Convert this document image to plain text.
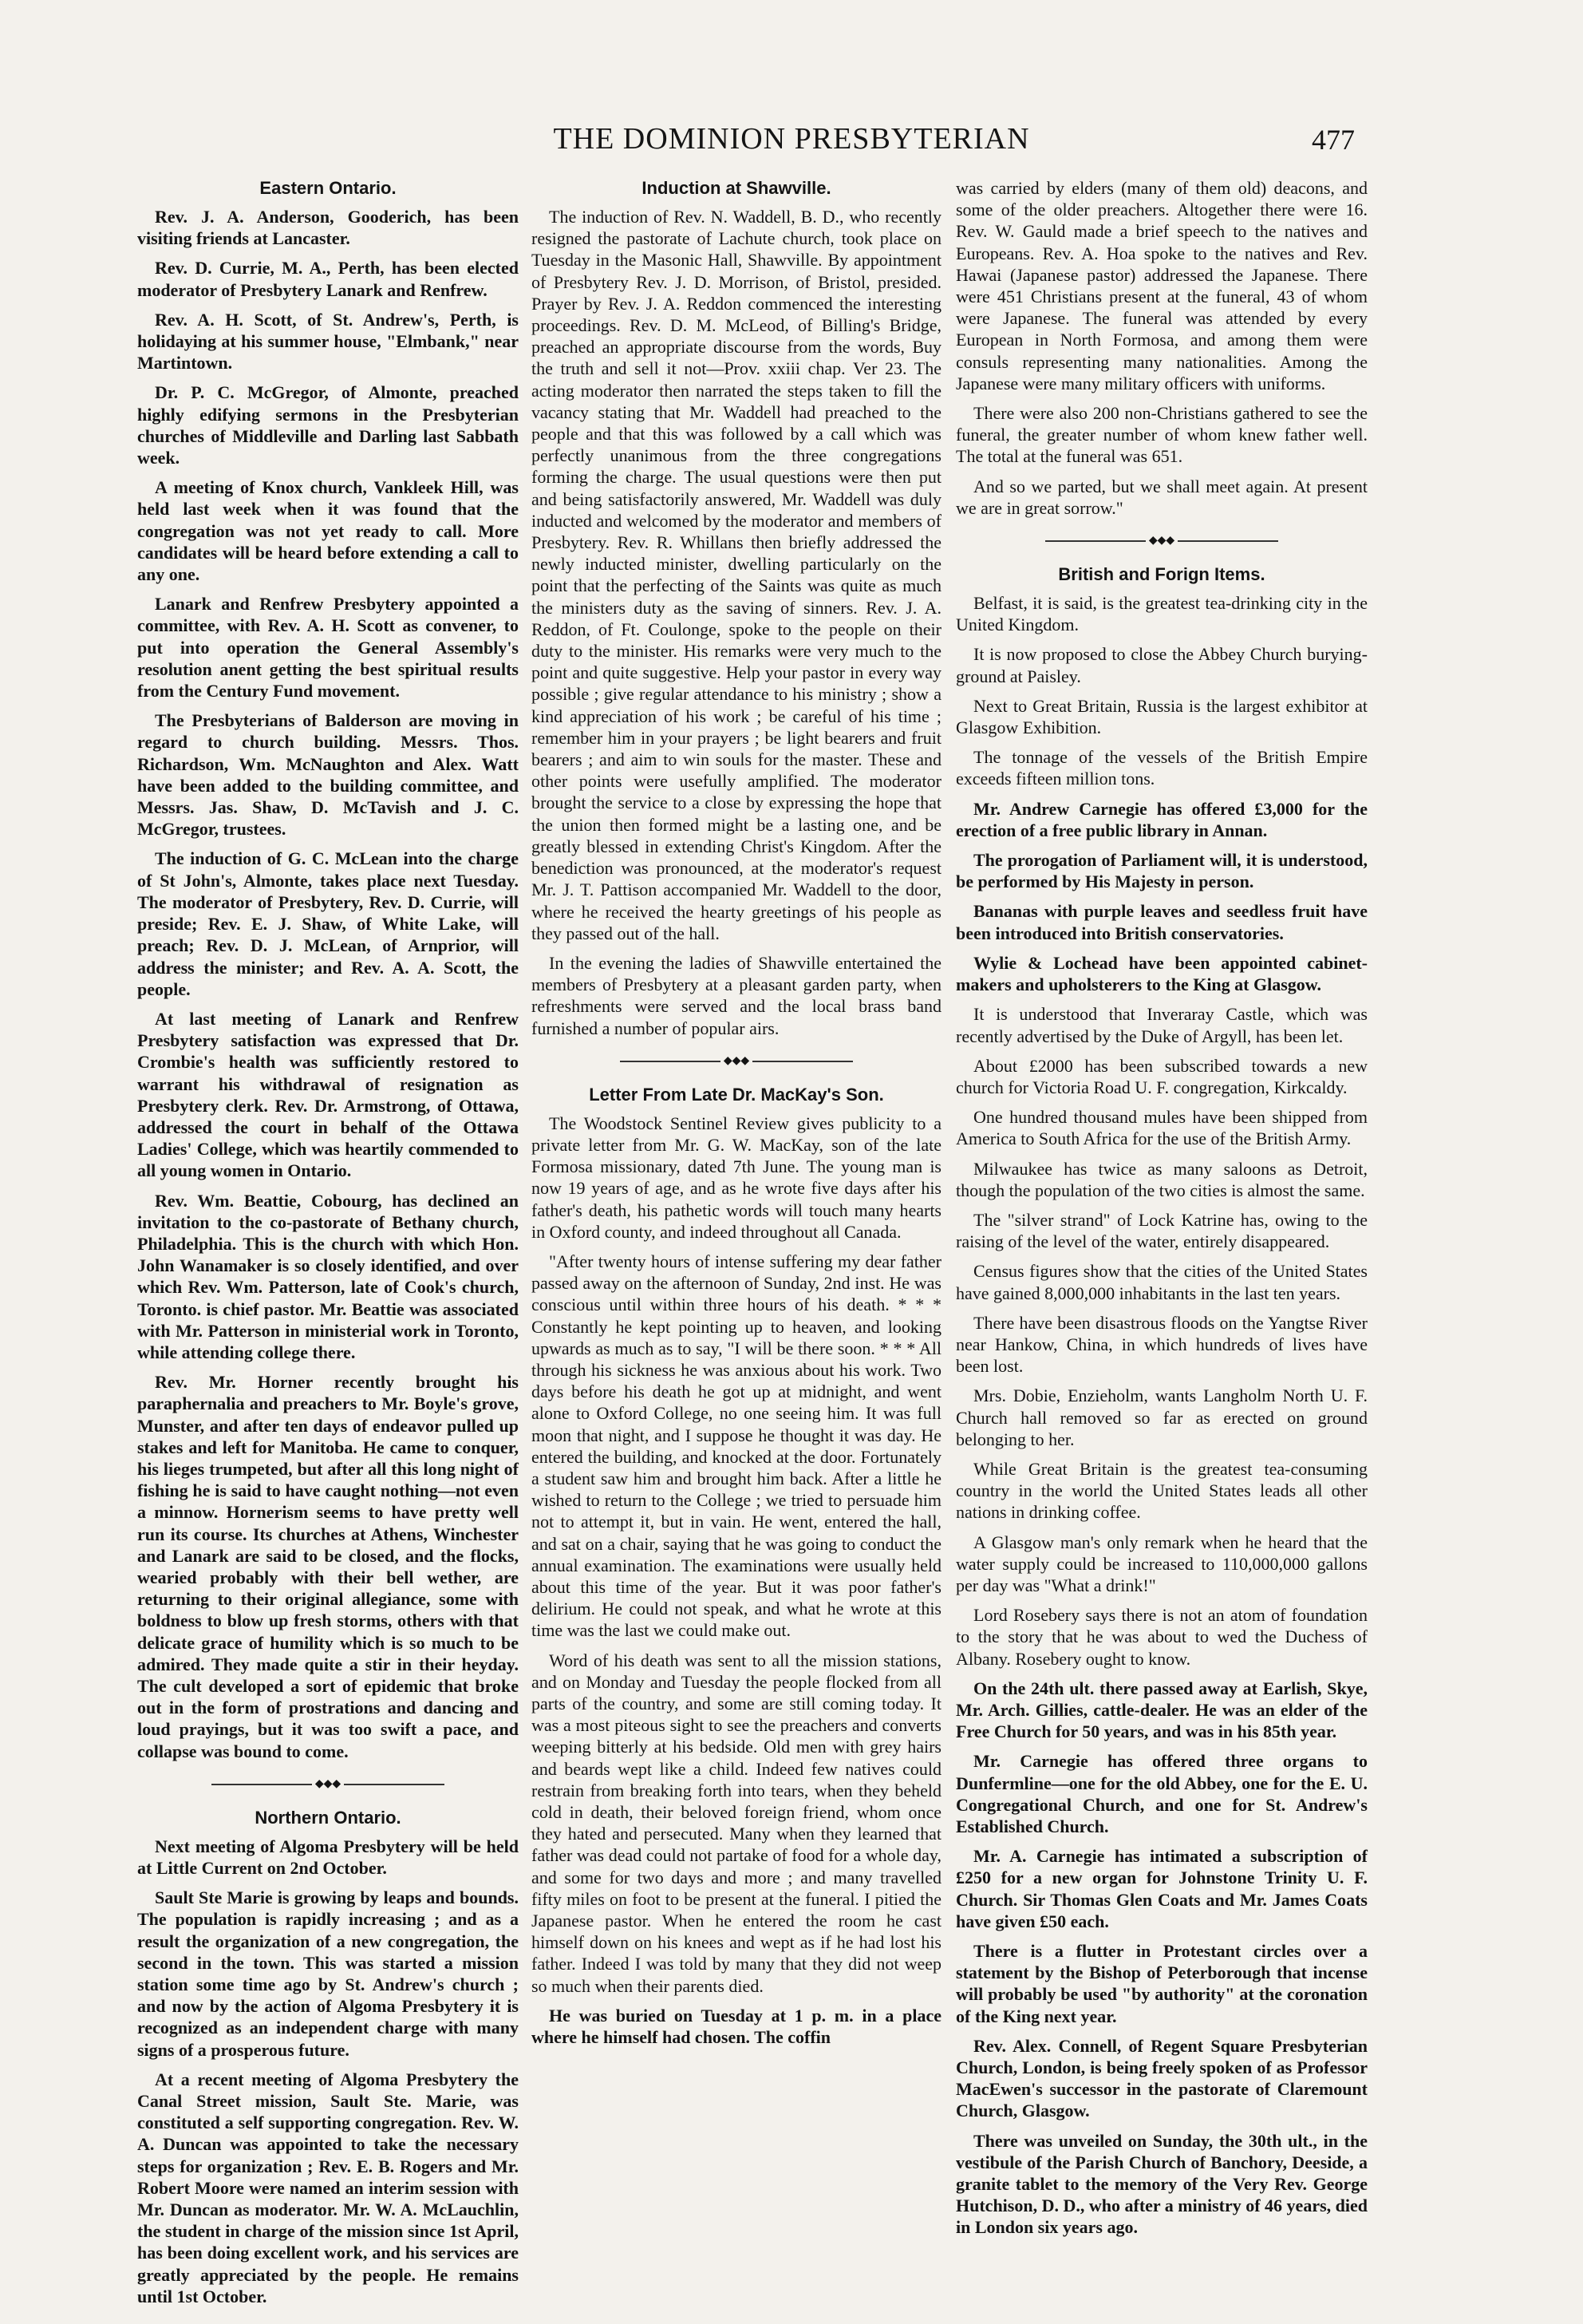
THE DOMINION PRESBYTERIAN	477
Eastern Ontario.

Rev. J. A. Anderson, Gooderich, has been visiting friends at Lancaster.

Rev. D. Currie, M. A., Perth, has been elected moderator of Presbytery Lanark and Renfrew.

Rev. A. H. Scott, of St. Andrew's, Perth, is holidaying at his summer house, "Elmbank," near Martintown.

Dr. P. C. McGregor, of Almonte, preached highly edifying sermons in the Presbyterian churches of Middleville and Darling last Sabbath week.

A meeting of Knox church, Vankleek Hill, was held last week when it was found that the congregation was not yet ready to call. More candidates will be heard before extending a call to any one.

Lanark and Renfrew Presbytery appointed a committee, with Rev. A. H. Scott as convener, to put into operation the General Assembly's resolution anent getting the best spiritual results from the Century Fund movement.

The Presbyterians of Balderson are moving in regard to church building. Messrs. Thos. Richardson, Wm. McNaughton and Alex. Watt have been added to the building committee, and Messrs. Jas. Shaw, D. McTavish and J. C. McGregor, trustees.

The induction of G. C. McLean into the charge of St John's, Almonte, takes place next Tuesday. The moderator of Presbytery, Rev. D. Currie, will preside; Rev. E. J. Shaw, of White Lake, will preach; Rev. D. J. McLean, of Arnprior, will address the minister; and Rev. A. A. Scott, the people.

At last meeting of Lanark and Renfrew Presbytery satisfaction was expressed that Dr. Crombie's health was sufficiently restored to warrant his withdrawal of resignation as Presbytery clerk. Rev. Dr. Armstrong, of Ottawa, addressed the court in behalf of the Ottawa Ladies' College, which was heartily commended to all young women in Ontario.

Rev. Wm. Beattie, Cobourg, has declined an invitation to the co-pastorate of Bethany church, Philadelphia. This is the church with which Hon. John Wanamaker is so closely identified, and over which Rev. Wm. Patterson, late of Cook's church, Toronto. is chief pastor. Mr. Beattie was associated with Mr. Patterson in ministerial work in Toronto, while attending college there.

Rev. Mr. Horner recently brought his paraphernalia and preachers to Mr. Boyle's grove, Munster, and after ten days of endeavor pulled up stakes and left for Manitoba. He came to conquer, his lieges trumpeted, but after all this long night of fishing he is said to have caught nothing—not even a minnow. Hornerism seems to have pretty well run its course. Its churches at Athens, Winchester and Lanark are said to be closed, and the flocks, wearied probably with their bell wether, are returning to their original allegiance, some with boldness to blow up fresh storms, others with that delicate grace of humility which is so much to be admired. They made quite a stir in their heyday. The cult developed a sort of epidemic that broke out in the form of prostrations and dancing and loud prayings, but it was too swift a pace, and collapse was bound to come.

◆◆◆
Northern Ontario.

Next meeting of Algoma Presbytery will be held at Little Current on 2nd October.

Sault Ste Marie is growing by leaps and bounds. The population is rapidly increasing ; and as a result the organization of a new congregation, the second in the town. This was started a mission station some time ago by St. Andrew's church ; and now by the action of Algoma Presbytery it is recognized as an independent charge with many signs of a prosperous future.

At a recent meeting of Algoma Presbytery the Canal Street mission, Sault Ste. Marie, was constituted a self supporting congregation. Rev. W. A. Duncan was appointed to take the necessary steps for organization ; Rev. E. B. Rogers and Mr. Robert Moore were named an interim session with Mr. Duncan as moderator. Mr. W. A. McLauchlin, the student in charge of the mission since 1st April, has been doing excellent work, and his services are greatly appreciated by the people. He remains until 1st October.

Induction at Shawville.

The induction of Rev. N. Waddell, B. D., who recently resigned the pastorate of Lachute church, took place on Tuesday in the Masonic Hall, Shawville. By appointment of Presbytery Rev. J. D. Morrison, of Bristol, presided. Prayer by Rev. J. A. Reddon commenced the interesting proceedings. Rev. D. M. McLeod, of Billing's Bridge, preached an appropriate discourse from the words, Buy the truth and sell it not—Prov. xxiii chap. Ver 23. The acting moderator then narrated the steps taken to fill the vacancy stating that Mr. Waddell had preached to the people and that this was followed by a call which was perfectly unanimous from the three congregations forming the charge. The usual questions were then put and being satisfactorily answered, Mr. Waddell was duly inducted and welcomed by the moderator and members of Presbytery. Rev. R. Whillans then briefly addressed the newly inducted minister, dwelling particularly on the point that the perfecting of the Saints was quite as much the ministers duty as the saving of sinners. Rev. J. A. Reddon, of Ft. Coulonge, spoke to the people on their duty to the minister. His remarks were very much to the point and quite suggestive. Help your pastor in every way possible ; give regular attendance to his ministry ; show a kind appreciation of his work ; be careful of his time ; remember him in your prayers ; be light bearers and fruit bearers ; and aim to win souls for the master. These and other points were usefully amplified. The moderator brought the service to a close by expressing the hope that the union then formed might be a lasting one, and be greatly blessed in extending Christ's Kingdom. After the benediction was pronounced, at the moderator's request Mr. J. T. Pattison accompanied Mr. Waddell to the door, where he received the hearty greetings of his people as they passed out of the hall.

In the evening the ladies of Shawville entertained the members of Presbytery at a pleasant garden party, when refreshments were served and the local brass band furnished a number of popular airs.

◆◆◆
Letter From Late Dr. MacKay's Son.

The Woodstock Sentinel Review gives publicity to a private letter from Mr. G. W. MacKay, son of the late Formosa missionary, dated 7th June. The young man is now 19 years of age, and as he wrote five days after his father's death, his pathetic words will touch many hearts in Oxford county, and indeed throughout all Canada.

"After twenty hours of intense suffering my dear father passed away on the afternoon of Sunday, 2nd inst. He was conscious until within three hours of his death. * * * Constantly he kept pointing up to heaven, and looking upwards as much as to say, "I will be there soon. * * * All through his sickness he was anxious about his work. Two days before his death he got up at midnight, and went alone to Oxford College, no one seeing him. It was full moon that night, and I suppose he thought it was day. He entered the building, and knocked at the door. Fortunately a student saw him and brought him back. After a little he wished to return to the College ; we tried to persuade him not to attempt it, but in vain. He went, entered the hall, and sat on a chair, saying that he was going to conduct the annual examination. The examinations were usually held about this time of the year. But it was poor father's delirium. He could not speak, and what he wrote at this time was the last we could make out.

Word of his death was sent to all the mission stations, and on Monday and Tuesday the people flocked from all parts of the country, and some are still coming today. It was a most piteous sight to see the preachers and converts weeping bitterly at his bedside. Old men with grey hairs and beards wept like a child. Indeed few natives could restrain from breaking forth into tears, when they beheld cold in death, their beloved foreign friend, whom once they hated and persecuted. Many when they learned that father was dead could not partake of food for a whole day, and some for two days and more ; and many travelled fifty miles on foot to be present at the funeral. I pitied the Japanese pastor. When he entered the room he cast himself down on his knees and wept as if he had lost his father. Indeed I was told by many that they did not weep so much when their parents died.

He was buried on Tuesday at 1 p. m. in a place where he himself had chosen. The coffin

was carried by elders (many of them old) deacons, and some of the older preachers. Altogether there were 16. Rev. W. Gauld made a brief speech to the natives and Europeans. Rev. A. Hoa spoke to the natives and Rev. Hawai (Japanese pastor) addressed the Japanese. There were 451 Christians present at the funeral, 43 of whom were Japanese. The funeral was attended by every European in North Formosa, and among them were consuls representing many nationalities. Among the Japanese were many military officers with uniforms.

There were also 200 non-Christians gathered to see the funeral, the greater number of whom knew father well. The total at the funeral was 651.

And so we parted, but we shall meet again. At present we are in great sorrow."

◆◆◆
British and Forign Items.

Belfast, it is said, is the greatest tea-drinking city in the United Kingdom.

It is now proposed to close the Abbey Church burying-ground at Paisley.

Next to Great Britain, Russia is the largest exhibitor at Glasgow Exhibition.

The tonnage of the vessels of the British Empire exceeds fifteen million tons.

Mr. Andrew Carnegie has offered £3,000 for the erection of a free public library in Annan.

The prorogation of Parliament will, it is understood, be performed by His Majesty in person.

Bananas with purple leaves and seedless fruit have been introduced into British conservatories.

Wylie & Lochead have been appointed cabinet-makers and upholsterers to the King at Glasgow.

It is understood that Inveraray Castle, which was recently advertised by the Duke of Argyll, has been let.

About £2000 has been subscribed towards a new church for Victoria Road U. F. congregation, Kirkcaldy.

One hundred thousand mules have been shipped from America to South Africa for the use of the British Army.

Milwaukee has twice as many saloons as Detroit, though the population of the two cities is almost the same.

The "silver strand" of Lock Katrine has, owing to the raising of the level of the water, entirely disappeared.

Census figures show that the cities of the United States have gained 8,000,000 inhabitants in the last ten years.

There have been disastrous floods on the Yangtse River near Hankow, China, in which hundreds of lives have been lost.

Mrs. Dobie, Enzieholm, wants Langholm North U. F. Church hall removed so far as erected on ground belonging to her.

While Great Britain is the greatest tea-consuming country in the world the United States leads all other nations in drinking coffee.

A Glasgow man's only remark when he heard that the water supply could be increased to 110,000,000 gallons per day was "What a drink!"

Lord Rosebery says there is not an atom of foundation to the story that he was about to wed the Duchess of Albany. Rosebery ought to know.

On the 24th ult. there passed away at Earlish, Skye, Mr. Arch. Gillies, cattle-dealer. He was an elder of the Free Church for 50 years, and was in his 85th year.

Mr. Carnegie has offered three organs to Dunfermline—one for the old Abbey, one for the E. U. Congregational Church, and one for St. Andrew's Established Church.

Mr. A. Carnegie has intimated a subscription of £250 for a new organ for Johnstone Trinity U. F. Church. Sir Thomas Glen Coats and Mr. James Coats have given £50 each.

There is a flutter in Protestant circles over a statement by the Bishop of Peterborough that incense will probably be used "by authority" at the coronation of the King next year.

Rev. Alex. Connell, of Regent Square Presbyterian Church, London, is being freely spoken of as Professor MacEwen's successor in the pastorate of Claremount Church, Glasgow.

There was unveiled on Sunday, the 30th ult., in the vestibule of the Parish Church of Banchory, Deeside, a granite tablet to the memory of the Very Rev. George Hutchison, D. D., who after a ministry of 46 years, died in London six years ago.
